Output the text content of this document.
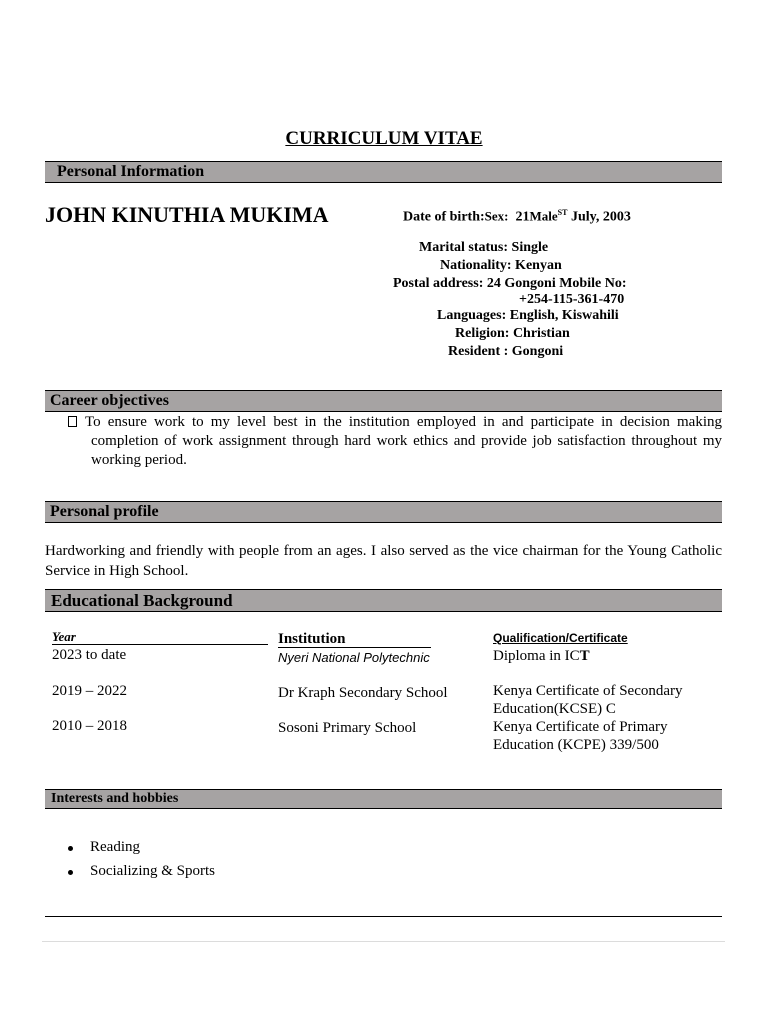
CURRICULUM VITAE
Personal Information
JOHN KINUTHIA MUKIMA	Date of birth:Sex: 21Male$^{ST}$ July, 2003
Marital status: Single
Nationality: Kenyan
Postal address: 24 Gongoni Mobile No:
+254-115-361-470
Languages: English, Kiswahili
Religion: Christian
Resident : Gongoni
Career objectives
To ensure work to my level best in the institution employed in and participate in decision making
completion of work assignment through hard work ethics and provide job satisfaction throughout my
working period.
Personal profile
Hardworking and friendly with people from an ages. I also served as the vice chairman for the Young Catholic
Service in High School.
Educational Background
Year	Institution	Qualification/Certificate
2023 to date	Nyeri National Polytechnic	Diploma in ICT
2019 – 2022	Dr Kraph Secondary School	Kenya Certificate of Secondary
Education(KCSE) C
2010 – 2018	Sosoni Primary School	Kenya Certificate of Primary
Education (KCPE) 339/500
Interests and hobbies
Reading
Socializing & Sports
